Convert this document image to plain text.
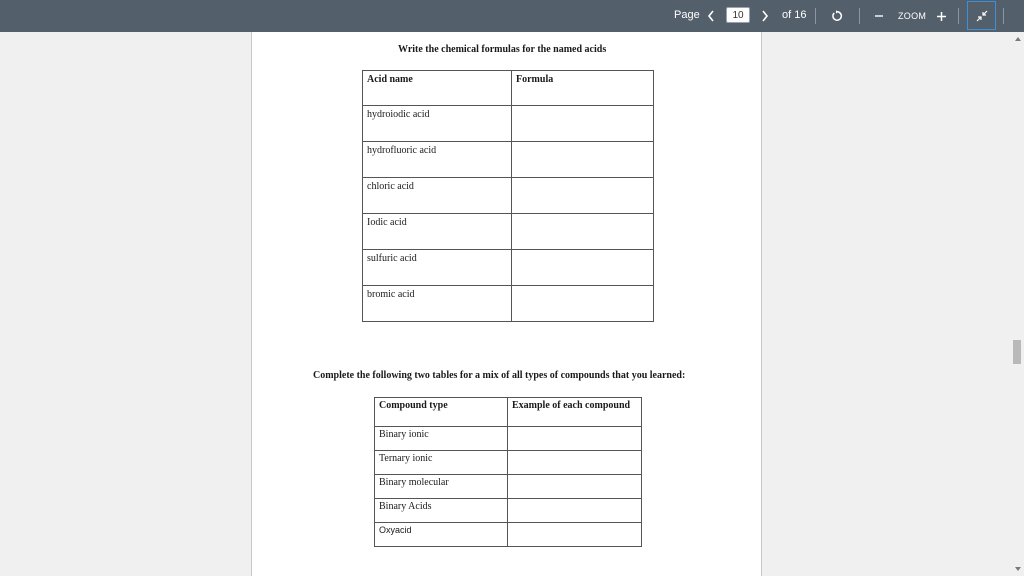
Page
10	of 16	ZOOM
Write the chemical formulas for the named acids
Acid name	Formula
hydroiodic acid	
hydrofluoric acid	
chloric acid	
Iodic acid	
sulfuric acid	
bromic acid	
Complete the following two tables for a mix of all types of compounds that you learned:
Compound type	Example of each compound
Binary ionic	
Ternary ionic	
Binary molecular	
Binary Acids	
Oxyacid	
